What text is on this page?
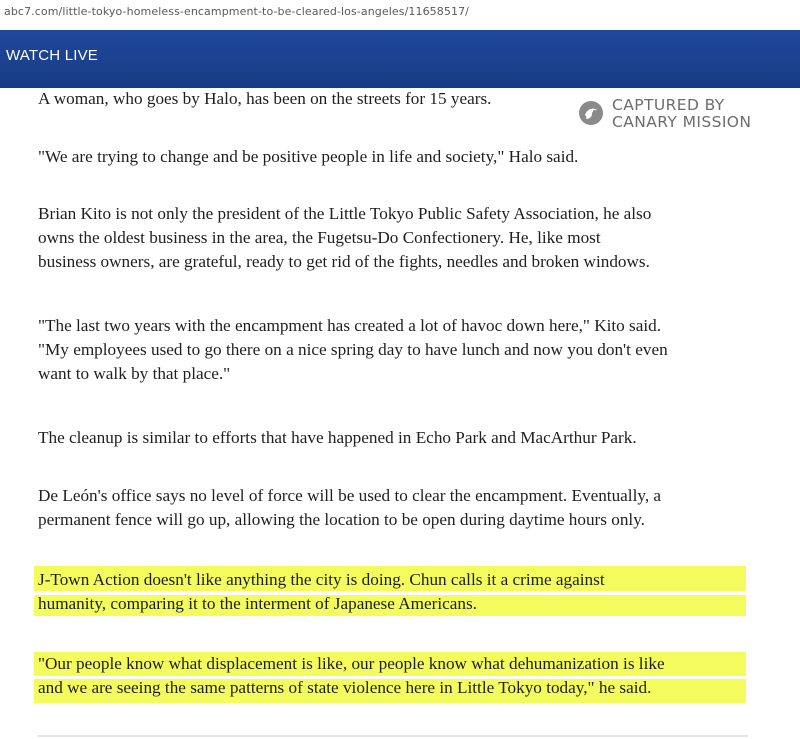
abc7.com/little-tokyo-homeless-encampment-to-be-cleared-los-angeles/11658517/
WATCH LIVE
CAPTURED BY
CANARY MISSION
A woman, who goes by Halo, has been on the streets for 15 years.
"We are trying to change and be positive people in life and society," Halo said.
Brian Kito is not only the president of the Little Tokyo Public Safety Association, he also
owns the oldest business in the area, the Fugetsu-Do Confectionery. He, like most
business owners, are grateful, ready to get rid of the fights, needles and broken windows.
"The last two years with the encampment has created a lot of havoc down here," Kito said.
"My employees used to go there on a nice spring day to have lunch and now you don't even
want to walk by that place."
The cleanup is similar to efforts that have happened in Echo Park and MacArthur Park.
De León's office says no level of force will be used to clear the encampment. Eventually, a
permanent fence will go up, allowing the location to be open during daytime hours only.
J-Town Action doesn't like anything the city is doing. Chun calls it a crime against
humanity, comparing it to the interment of Japanese Americans.
"Our people know what displacement is like, our people know what dehumanization is like
and we are seeing the same patterns of state violence here in Little Tokyo today," he said.
